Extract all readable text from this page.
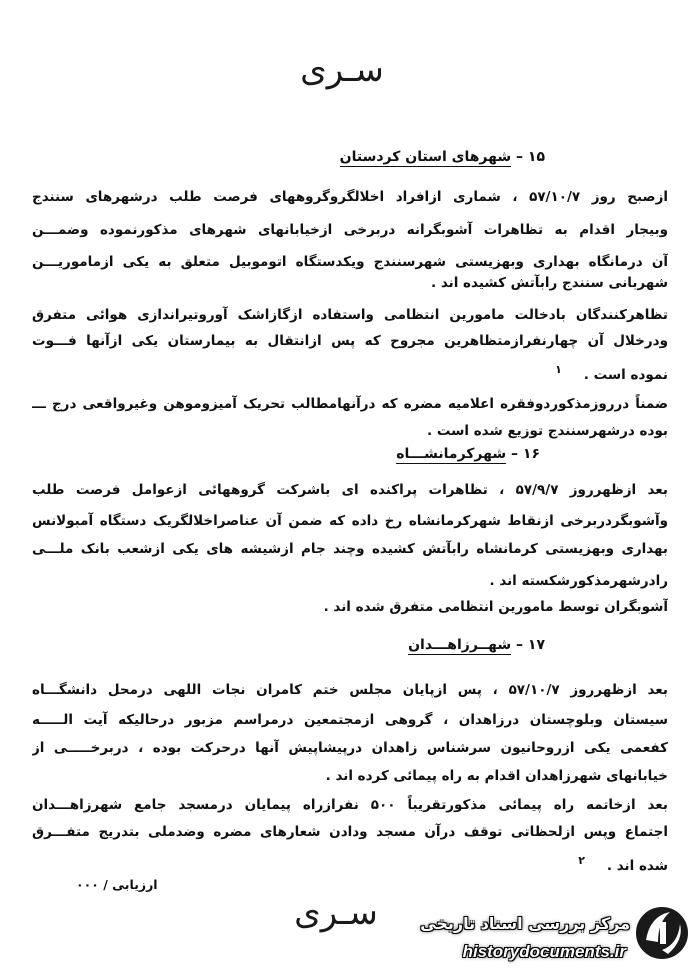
سـری
۱۵ – شهرهای استان کردستان
ازصبح روز ۵۷/۱۰/۷ ، شماری ازافراد اخلالگروگروههای فرصت طلب درشهرهای سنندج
وبیجار اقدام به تظاهرات آشوبگرانه دربرخی ازخیابانهای شهرهای مذکورنموده وضمـــن
آن درمانگاه بهداری وبهزیستی شهرسنندج ویکدستگاه اتوموبیل متعلق به یکی ازماموریـــن
شهربانی سنندج رابآتش کشیده اند .
تظاهرکنندگان بادخالت مامورین انتظامی واستفاده ازگازاشک آوروتیراندازی هوائی متفرق
ودرخلال آن چهارنفرازمتظاهرین مجروح که پس ازانتقال به بیمارستان یکی ازآنها فـــوت
نموده است .۱
ضمناً درروزمذکوردوفقره اعلامیه مضره که درآنهامطالب تحریک آمیزوموهن وغیرواقعی درج ـــ
بوده درشهرسنندج توزیع شده است .
۱۶ – شهرکرمانشـــاه
بعد ازظهرروز ۵۷/۹/۷ ، تظاهرات پراکنده ای باشرکت گروههائی ازعوامل فرصت طلب
وآشوبگردربرخی ازنقاط شهرکرمانشاه رخ داده که ضمن آن عناصراخلالگریک دستگاه آمبولانس
بهداری وبهزیستی کرمانشاه رابآتش کشیده وچند جام ازشیشه های یکی ازشعب بانک ملـــی
رادرشهرمذکورشکسته اند .
آشوبگران توسط مامورین انتظامی متفرق شده اند .
۱۷ – شهــرزاهـــدان
بعد ازظهرروز ۵۷/۱۰/۷ ، پس ازپایان مجلس ختم کامران نجات اللهی درمحل دانشگـــاه
سیستان وبلوچستان درزاهدان ، گروهی ازمجتمعین درمراسم مزبور درحالیکه آیت الـــــه
کفعمی یکی ازروحانیون سرشناس زاهدان درپیشاپیش آنها درحرکت بوده ، دربرخـــــی از
خیابانهای شهرزاهدان اقدام به راه پیمائی کرده اند .
بعد ازخاتمه راه پیمائی مذکورتقریباً ۵۰۰ نفرازراه پیمایان درمسجد جامع شهرزاهـــدان
اجتماع وپس ازلحظاتی توقف درآن مسجد ودادن شعارهای مضره وضدملی بتدریج متفـــرق
شده اند .۲
ارزیابی / ۰۰۰
سـری	مرکز بررسی اسناد تاریخی
historydocuments.ir
